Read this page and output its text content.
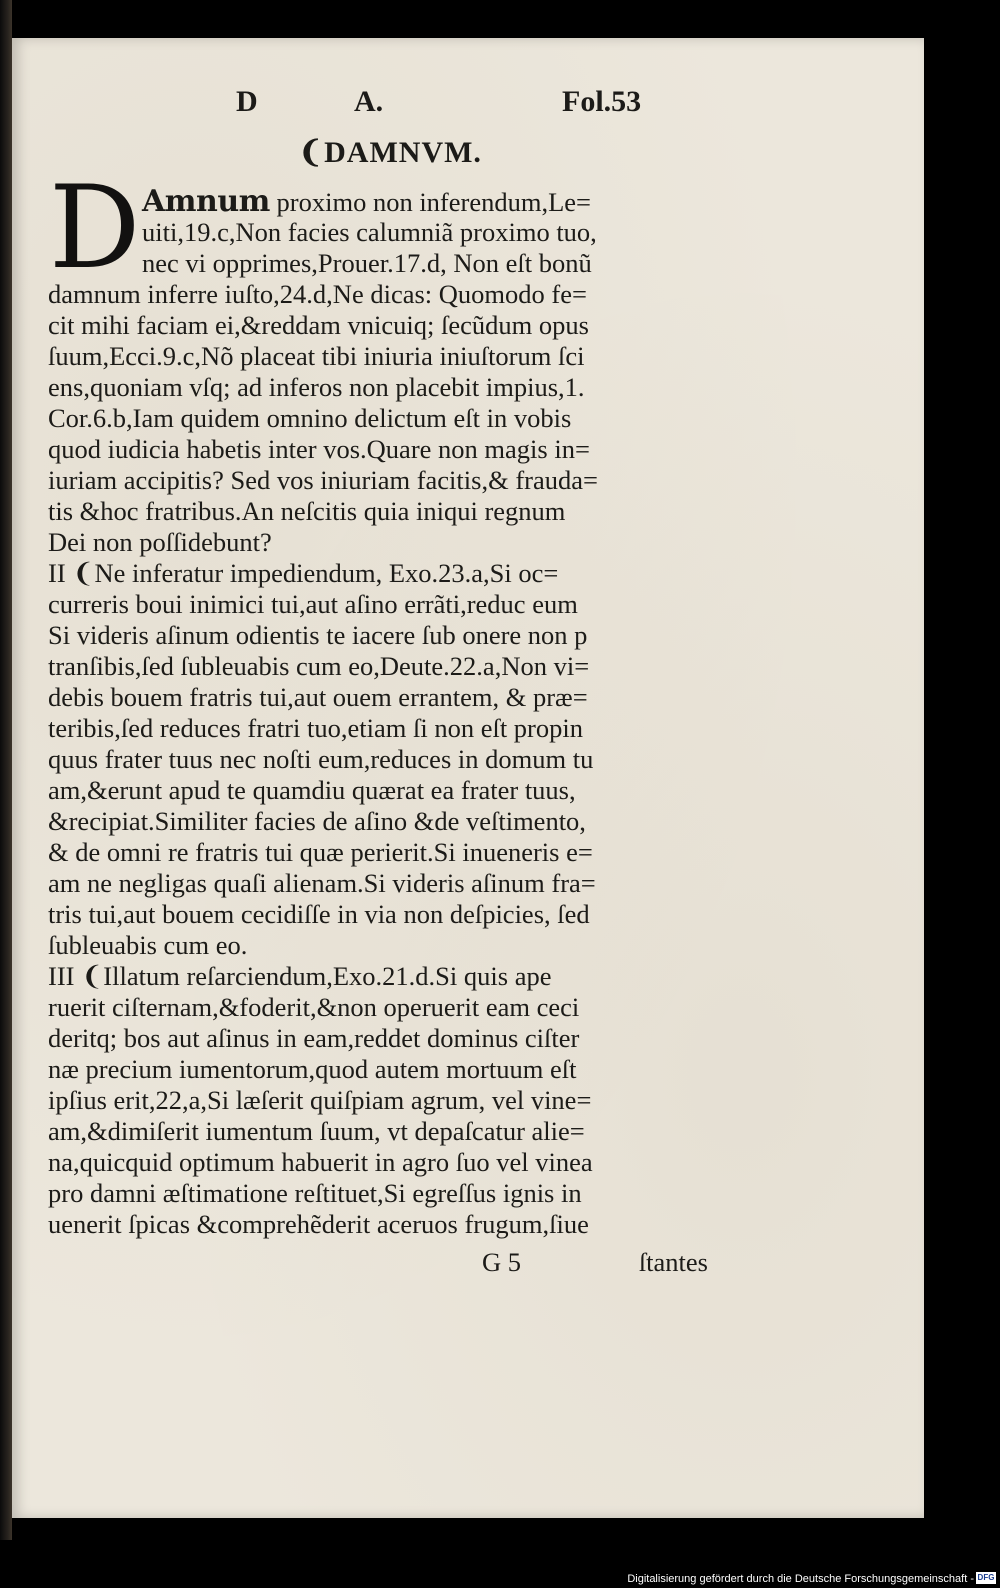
D	A.	Fol.53
❨DAMNVM.
D Amnum proximo non inferendum,Le=
uiti,19.c,Non facies calumniã proximo tuo,
nec vi opprimes,Prouer.17.d, Non eſt bonũ
damnum inferre iuſto,24.d,Ne dicas: Quomodo fe=
cit mihi faciam ei,&reddam vnicuiq; ſecũdum opus
ſuum,Ecci.9.c,Nõ placeat tibi iniuria iniuſtorum ſci
ens,quoniam vſq; ad inferos non placebit impius,1.
Cor.6.b,Iam quidem omnino delictum eſt in vobis
quod iudicia habetis inter vos.Quare non magis in=
iuriam accipitis? Sed vos iniuriam facitis,& frauda=
tis &hoc fratribus.An neſcitis quia iniqui regnum
Dei non poſſidebunt?
II ❨Ne inferatur impediendum, Exo.23.a,Si oc=
curreris boui inimici tui,aut aſino errãti,reduc eum
Si videris aſinum odientis te iacere ſub onere non p
tranſibis,ſed ſubleuabis cum eo,Deute.22.a,Non vi=
debis bouem fratris tui,aut ouem errantem, & præ=
teribis,ſed reduces fratri tuo,etiam ſi non eſt propin
quus frater tuus nec noſti eum,reduces in domum tu
am,&erunt apud te quamdiu quærat ea frater tuus,
&recipiat.Similiter facies de aſino &de veſtimento,
& de omni re fratris tui quæ perierit.Si inueneris e=
am ne negligas quaſi alienam.Si videris aſinum fra=
tris tui,aut bouem cecidiſſe in via non deſpicies, ſed
ſubleuabis cum eo.
III ❨Illatum reſarciendum,Exo.21.d.Si quis ape
ruerit ciſternam,&foderit,&non operuerit eam ceci
deritq; bos aut aſinus in eam,reddet dominus ciſter
næ precium iumentorum,quod autem mortuum eſt
ipſius erit,22,a,Si læſerit quiſpiam agrum, vel vine=
am,&dimiſerit iumentum ſuum, vt depaſcatur alie=
na,quicquid optimum habuerit in agro ſuo vel vinea
pro damni æſtimatione reſtituet,Si egreſſus ignis in
uenerit ſpicas &comprehẽderit aceruos frugum,ſiue
G 5	ſtantes
Digitalisierung gefördert durch die Deutsche Forschungsgemeinschaft - DFG
